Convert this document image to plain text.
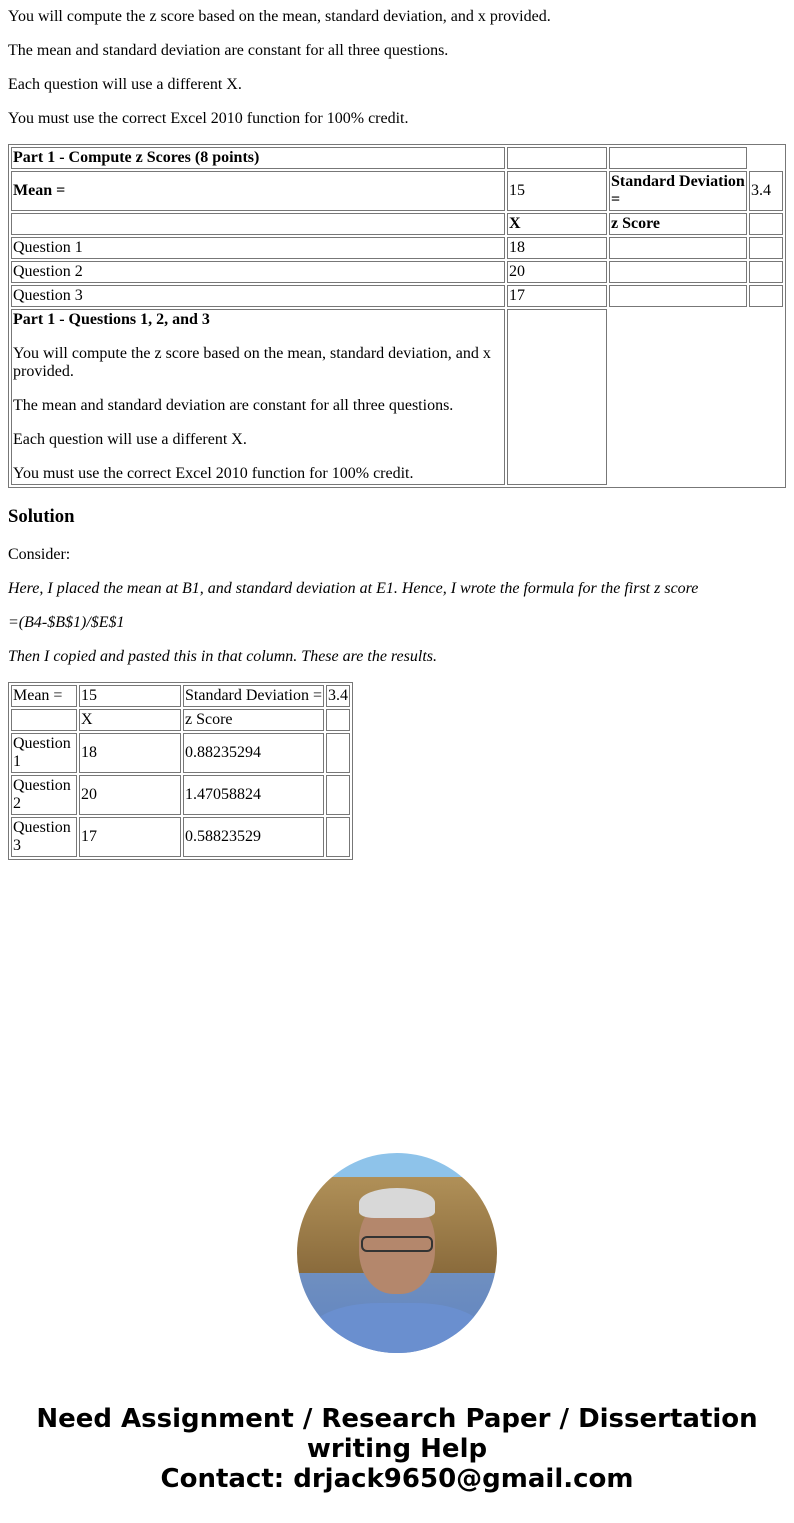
You will compute the z score based on the mean, standard deviation, and x provided.

The mean and standard deviation are constant for all three questions.

Each question will use a different X.

You must use the correct Excel 2010 function for 100% credit.

Part 1 - Compute z Scores (8 points)			
Mean =	15	Standard Deviation =	3.4
	X	z Score	
Question 1	18		
Question 2	20		
Question 3	17		

Part 1 - Questions 1, 2, and 3
You will compute the z score based on the mean, standard deviation, and x provided.
The mean and standard deviation are constant for all three questions.
Each question will use a different X.
You must use the correct Excel 2010 function for 100% credit.			

Solution

Consider:

Here, I placed the mean at B1, and standard deviation at E1. Hence, I wrote the formula for the first z score

=(B4-$B$1)/$E$1

Then I copied and pasted this in that column. These are the results.

Mean =	15	Standard Deviation =	3.4
	X	z Score	
Question 1	18	0.88235294	
Question 2	20	1.47058824	
Question 3	17	0.58823529	
Need Assignment / Research Paper / Dissertation writing Help
Contact: drjack9650@gmail.com
